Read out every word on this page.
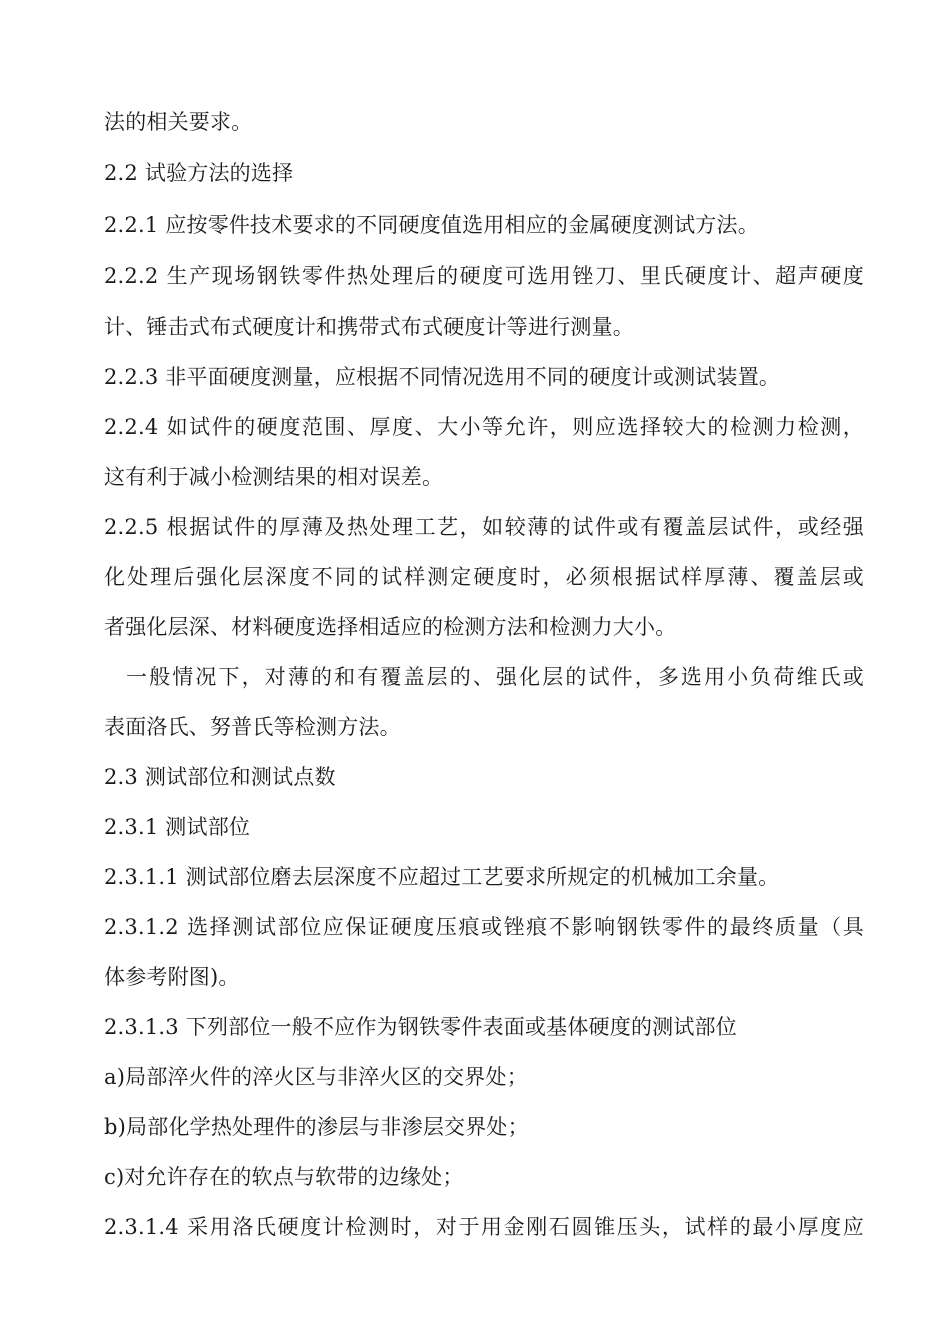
法的相关要求。
2.2 试验方法的选择
2.2.1 应按零件技术要求的不同硬度值选用相应的金属硬度测试方法。
2.2.2 生产现场钢铁零件热处理后的硬度可选用锉刀、里氏硬度计、超声硬度
计、锤击式布式硬度计和携带式布式硬度计等进行测量。
2.2.3 非平面硬度测量，应根据不同情况选用不同的硬度计或测试装置。
2.2.4 如试件的硬度范围、厚度、大小等允许，则应选择较大的检测力检测，
这有利于减小检测结果的相对误差。
2.2.5 根据试件的厚薄及热处理工艺，如较薄的试件或有覆盖层试件，或经强
化处理后强化层深度不同的试样测定硬度时，必须根据试样厚薄、覆盖层或
者强化层深、材料硬度选择相适应的检测方法和检测力大小。
一般情况下，对薄的和有覆盖层的、强化层的试件，多选用小负荷维氏或
表面洛氏、努普氏等检测方法。
2.3 测试部位和测试点数
2.3.1 测试部位
2.3.1.1 测试部位磨去层深度不应超过工艺要求所规定的机械加工余量。
2.3.1.2 选择测试部位应保证硬度压痕或锉痕不影响钢铁零件的最终质量（具
体参考附图)。
2.3.1.3 下列部位一般不应作为钢铁零件表面或基体硬度的测试部位
a)局部淬火件的淬火区与非淬火区的交界处；
b)局部化学热处理件的渗层与非渗层交界处；
c)对允许存在的软点与软带的边缘处；
2.3.1.4 采用洛氏硬度计检测时，对于用金刚石圆锥压头，试样的最小厚度应
